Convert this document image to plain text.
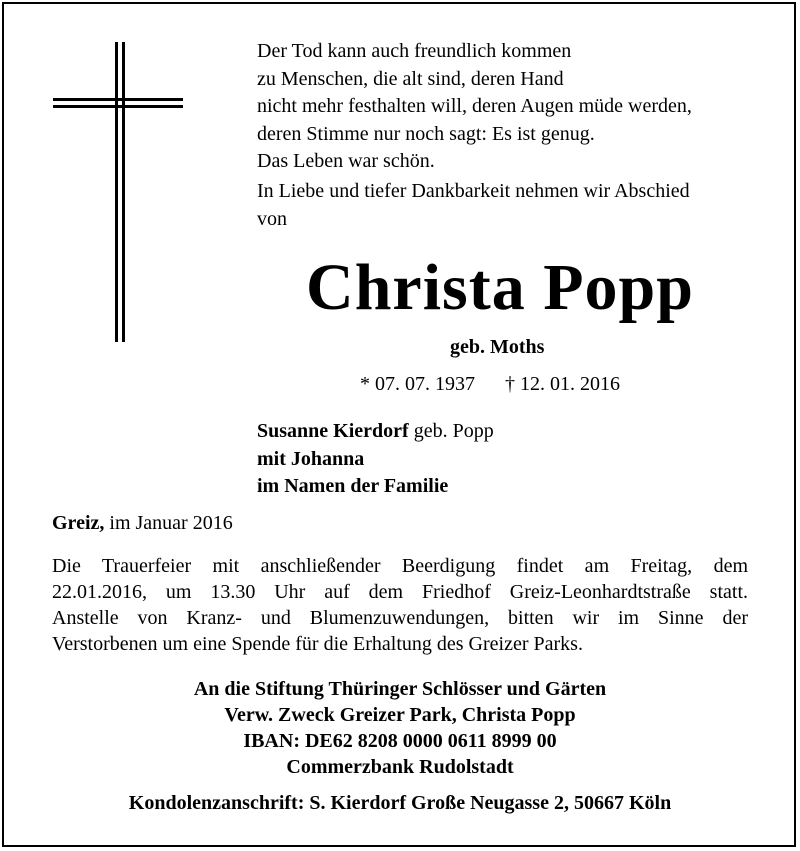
Der Tod kann auch freundlich kommen
zu Menschen, die alt sind, deren Hand
nicht mehr festhalten will, deren Augen müde werden,
deren Stimme nur noch sagt: Es ist genug.
Das Leben war schön.
In Liebe und tiefer Dankbarkeit nehmen wir Abschied
von
Christa Popp
geb. Moths
* 07. 07. 1937 † 12. 01. 2016
Susanne Kierdorf geb. Popp
mit Johanna
im Namen der Familie
Greiz, im Januar 2016
Die Trauerfeier mit anschließender Beerdigung findet am Freitag, dem
22.01.2016, um 13.30 Uhr auf dem Friedhof Greiz-Leonhardtstraße statt.
Anstelle von Kranz- und Blumenzuwendungen, bitten wir im Sinne der
Verstorbenen um eine Spende für die Erhaltung des Greizer Parks.
An die Stiftung Thüringer Schlösser und Gärten
Verw. Zweck Greizer Park, Christa Popp
IBAN: DE62 8208 0000 0611 8999 00
Commerzbank Rudolstadt
Kondolenzanschrift: S. Kierdorf Große Neugasse 2, 50667 Köln
